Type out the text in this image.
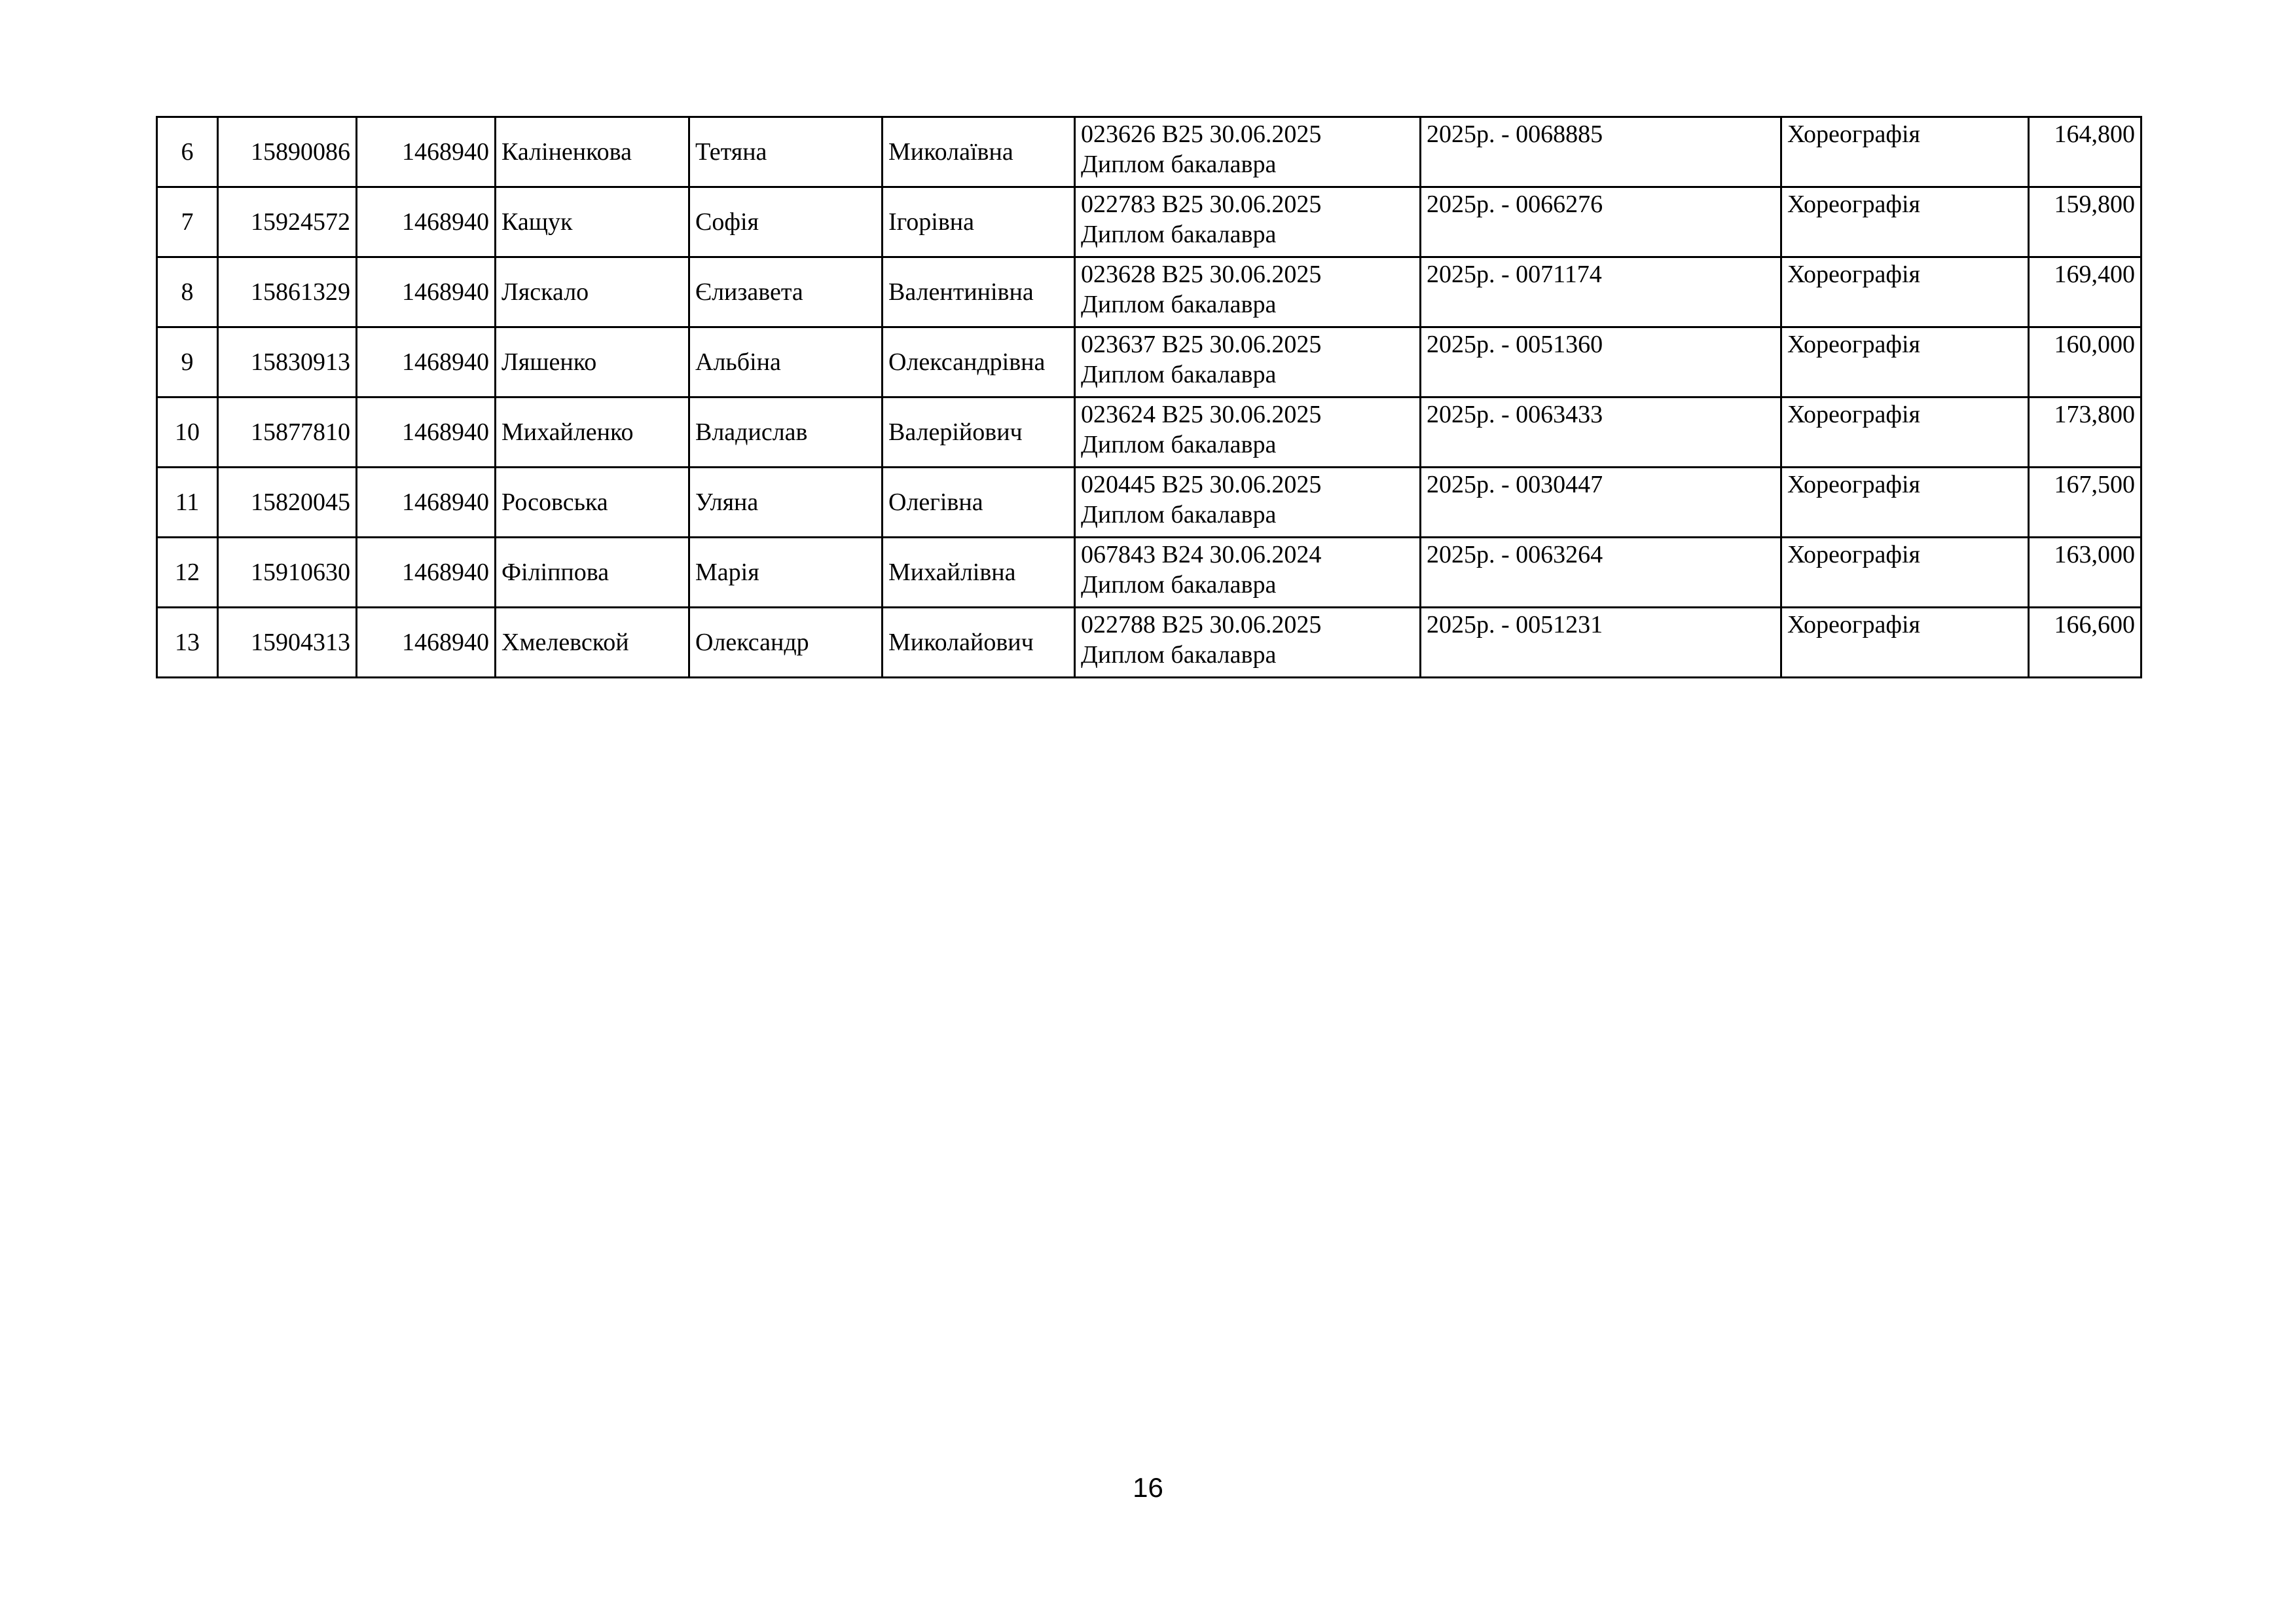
6	15890086	1468940	Каліненкова	Тетяна	Миколаївна	023626 B25 30.06.2025
Диплом бакалавра	2025р. - 0068885	Хореографія	164,800
7	15924572	1468940	Кащук	Софія	Ігорівна	022783 B25 30.06.2025
Диплом бакалавра	2025р. - 0066276	Хореографія	159,800
8	15861329	1468940	Ляскало	Єлизавета	Валентинівна	023628 B25 30.06.2025
Диплом бакалавра	2025р. - 0071174	Хореографія	169,400
9	15830913	1468940	Ляшенко	Альбіна	Олександрівна	023637 B25 30.06.2025
Диплом бакалавра	2025р. - 0051360	Хореографія	160,000
10	15877810	1468940	Михайленко	Владислав	Валерійович	023624 B25 30.06.2025
Диплом бакалавра	2025р. - 0063433	Хореографія	173,800
11	15820045	1468940	Росовська	Уляна	Олегівна	020445 B25 30.06.2025
Диплом бакалавра	2025р. - 0030447	Хореографія	167,500
12	15910630	1468940	Філіппова	Марія	Михайлівна	067843 B24 30.06.2024
Диплом бакалавра	2025р. - 0063264	Хореографія	163,000
13	15904313	1468940	Хмелевской	Олександр	Миколайович	022788 B25 30.06.2025
Диплом бакалавра	2025р. - 0051231	Хореографія	166,600
16
